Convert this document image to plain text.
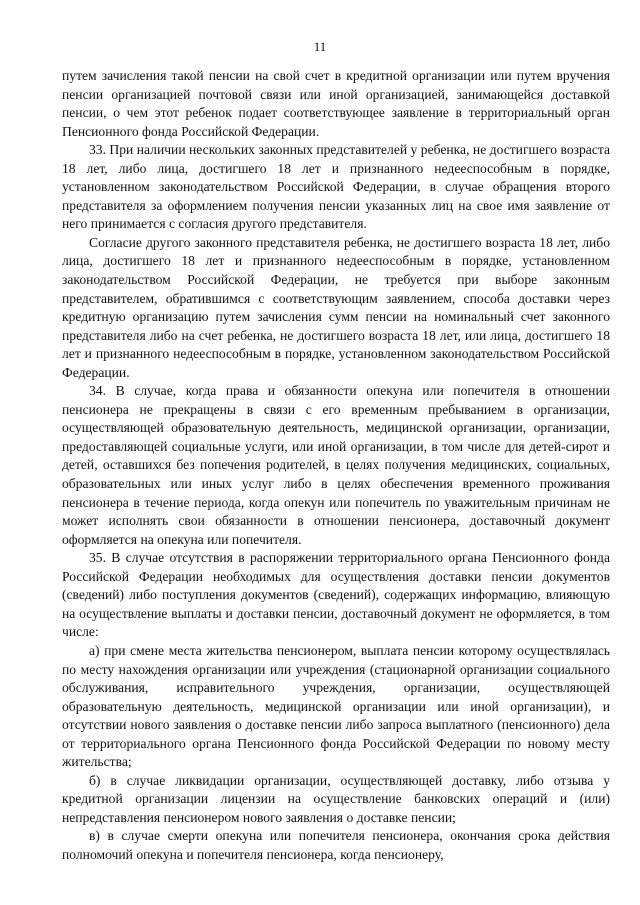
11

путем зачисления такой пенсии на свой счет в кредитной организации или путем вручения пенсии организацией почтовой связи или иной организацией, занимающейся доставкой пенсии, о чем этот ребенок подает соответствующее заявление в территориальный орган Пенсионного фонда Российской Федерации.

33. При наличии нескольких законных представителей у ребенка, не достигшего возраста 18 лет, либо лица, достигшего 18 лет и признанного недееспособным в порядке, установленном законодательством Российской Федерации, в случае обращения второго представителя за оформлением получения пенсии указанных лиц на свое имя заявление от него принимается с согласия другого представителя.

Согласие другого законного представителя ребенка, не достигшего возраста 18 лет, либо лица, достигшего 18 лет и признанного недееспособным в порядке, установленном законодательством Российской Федерации, не требуется при выборе законным представителем, обратившимся с соответствующим заявлением, способа доставки через кредитную организацию путем зачисления сумм пенсии на номинальный счет законного представителя либо на счет ребенка, не достигшего возраста 18 лет, или лица, достигшего 18 лет и признанного недееспособным в порядке, установленном законодательством Российской Федерации.

34. В случае, когда права и обязанности опекуна или попечителя в отношении пенсионера не прекращены в связи с его временным пребыванием в организации, осуществляющей образовательную деятельность, медицинской организации, организации, предоставляющей социальные услуги, или иной организации, в том числе для детей-сирот и детей, оставшихся без попечения родителей, в целях получения медицинских, социальных, образовательных или иных услуг либо в целях обеспечения временного проживания пенсионера в течение периода, когда опекун или попечитель по уважительным причинам не может исполнять свои обязанности в отношении пенсионера, доставочный документ оформляется на опекуна или попечителя.

35. В случае отсутствия в распоряжении территориального органа Пенсионного фонда Российской Федерации необходимых для осуществления доставки пенсии документов (сведений) либо поступления документов (сведений), содержащих информацию, влияющую на осуществление выплаты и доставки пенсии, доставочный документ не оформляется, в том числе:

а) при смене места жительства пенсионером, выплата пенсии которому осуществлялась по месту нахождения организации или учреждения (стационарной организации социального обслуживания, исправительного учреждения, организации, осуществляющей образовательную деятельность, медицинской организации или иной организации), и отсутствии нового заявления о доставке пенсии либо запроса выплатного (пенсионного) дела от территориального органа Пенсионного фонда Российской Федерации по новому месту жительства;

б) в случае ликвидации организации, осуществляющей доставку, либо отзыва у кредитной организации лицензии на осуществление банковских операций и (или) непредставления пенсионером нового заявления о доставке пенсии;

в) в случае смерти опекуна или попечителя пенсионера, окончания срока действия полномочий опекуна и попечителя пенсионера, когда пенсионеру,
